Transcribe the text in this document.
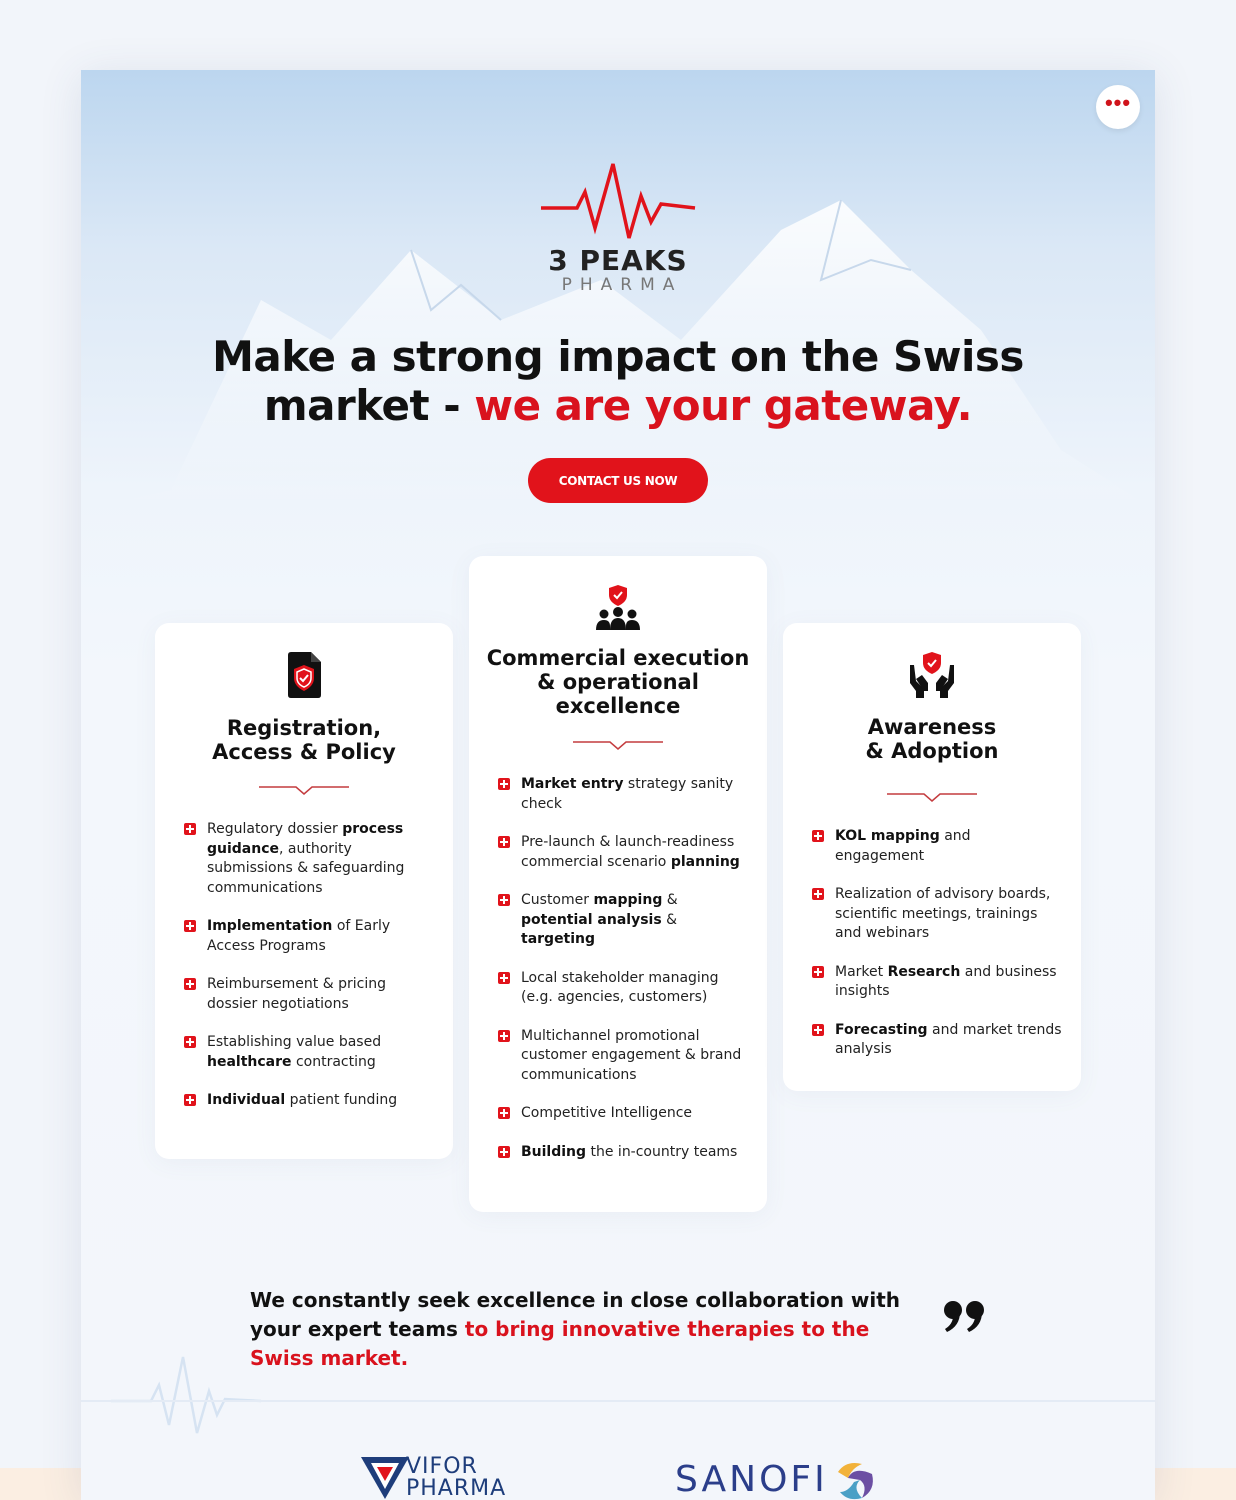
•••
3 PEAKS
PHARMA
Make a strong impact on the Swiss
market - we are your gateway.
CONTACT US NOW
Registration,
Access & Policy
Regulatory dossier process guidance, authority submissions & safeguarding communications
Implementation of Early Access Programs
Reimbursement & pricing dossier negotiations
Establishing value based healthcare contracting
Individual patient funding
Commercial execution
& operational
excellence
Market entry strategy sanity check
Pre-launch & launch-readiness commercial scenario planning
Customer mapping & potential analysis & targeting
Local stakeholder managing (e.g. agencies, customers)
Multichannel promotional customer engagement & brand communications
Competitive Intelligence
Building the in-country teams
Awareness
& Adoption
KOL mapping and engagement
Realization of advisory boards, scientific meetings, trainings and webinars
Market Research and business insights
Forecasting and market trends analysis
We constantly seek excellence in close collaboration with your expert teams to bring innovative therapies to the Swiss market.
VIFOR
PHARMA	SANOFI
